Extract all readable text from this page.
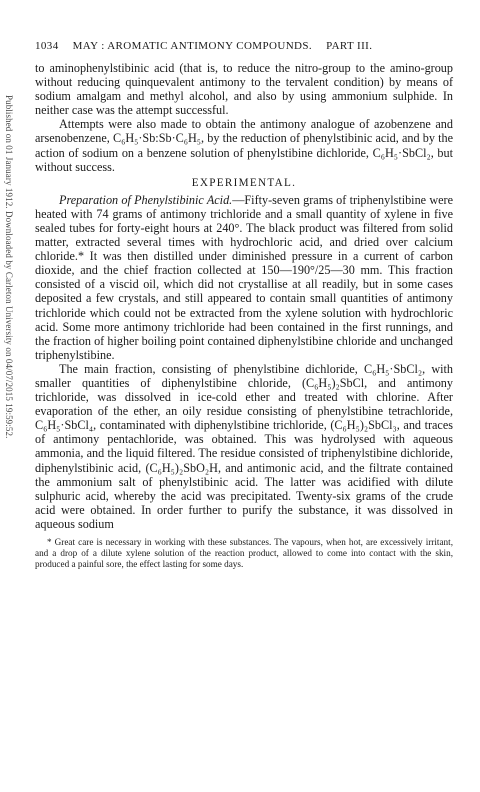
Published on 01 January 1912. Downloaded by Carleton University on 04/07/2015 19:59:52.
1034 MAY : AROMATIC ANTIMONY COMPOUNDS. PART III.

to aminophenylstibinic acid (that is, to reduce the nitro-group to the amino-group without reducing quinquevalent antimony to the tervalent condition) by means of sodium amalgam and methyl alcohol, and also by using ammonium sulphide. In neither case was the attempt successful.

Attempts were also made to obtain the antimony analogue of azobenzene and arsenobenzene, C₆H₅·Sb:Sb·C₆H₅, by the reduction of phenylstibinic acid, and by the action of sodium on a benzene solution of phenylstibine dichloride, C₆H₅·SbCl₂, but without success.

EXPERIMENTAL.

Preparation of Phenylstibinic Acid.—Fifty-seven grams of triphenylstibine were heated with 74 grams of antimony trichloride and a small quantity of xylene in five sealed tubes for forty-eight hours at 240°. The black product was filtered from solid matter, extracted several times with hydrochloric acid, and dried over calcium chloride.* It was then distilled under diminished pressure in a current of carbon dioxide, and the chief fraction collected at 150—190°/25—30 mm. This fraction consisted of a viscid oil, which did not crystallise at all readily, but in some cases deposited a few crystals, and still appeared to contain small quantities of antimony trichloride which could not be extracted from the xylene solution with hydrochloric acid. Some more antimony trichloride had been contained in the first runnings, and the fraction of higher boiling point contained diphenylstibine chloride and unchanged triphenylstibine.

The main fraction, consisting of phenylstibine dichloride, C₆H₅·SbCl₂, with smaller quantities of diphenylstibine chloride, (C₆H₅)₂SbCl, and antimony trichloride, was dissolved in ice-cold ether and treated with chlorine. After evaporation of the ether, an oily residue consisting of phenylstibine tetrachloride, C₆H₅·SbCl₄, contaminated with diphenylstibine trichloride, (C₆H₅)₂SbCl₃, and traces of antimony pentachloride, was obtained. This was hydrolysed with aqueous ammonia, and the liquid filtered. The residue consisted of triphenylstibine dichloride, diphenylstibinic acid, (C₆H₅)₂SbO₂H, and antimonic acid, and the filtrate contained the ammonium salt of phenylstibinic acid. The latter was acidified with dilute sulphuric acid, whereby the acid was precipitated. Twenty-six grams of the crude acid were obtained. In order further to purify the substance, it was dissolved in aqueous sodium

* Great care is necessary in working with these substances. The vapours, when hot, are excessively irritant, and a drop of a dilute xylene solution of the reaction product, allowed to come into contact with the skin, produced a painful sore, the effect lasting for some days.
